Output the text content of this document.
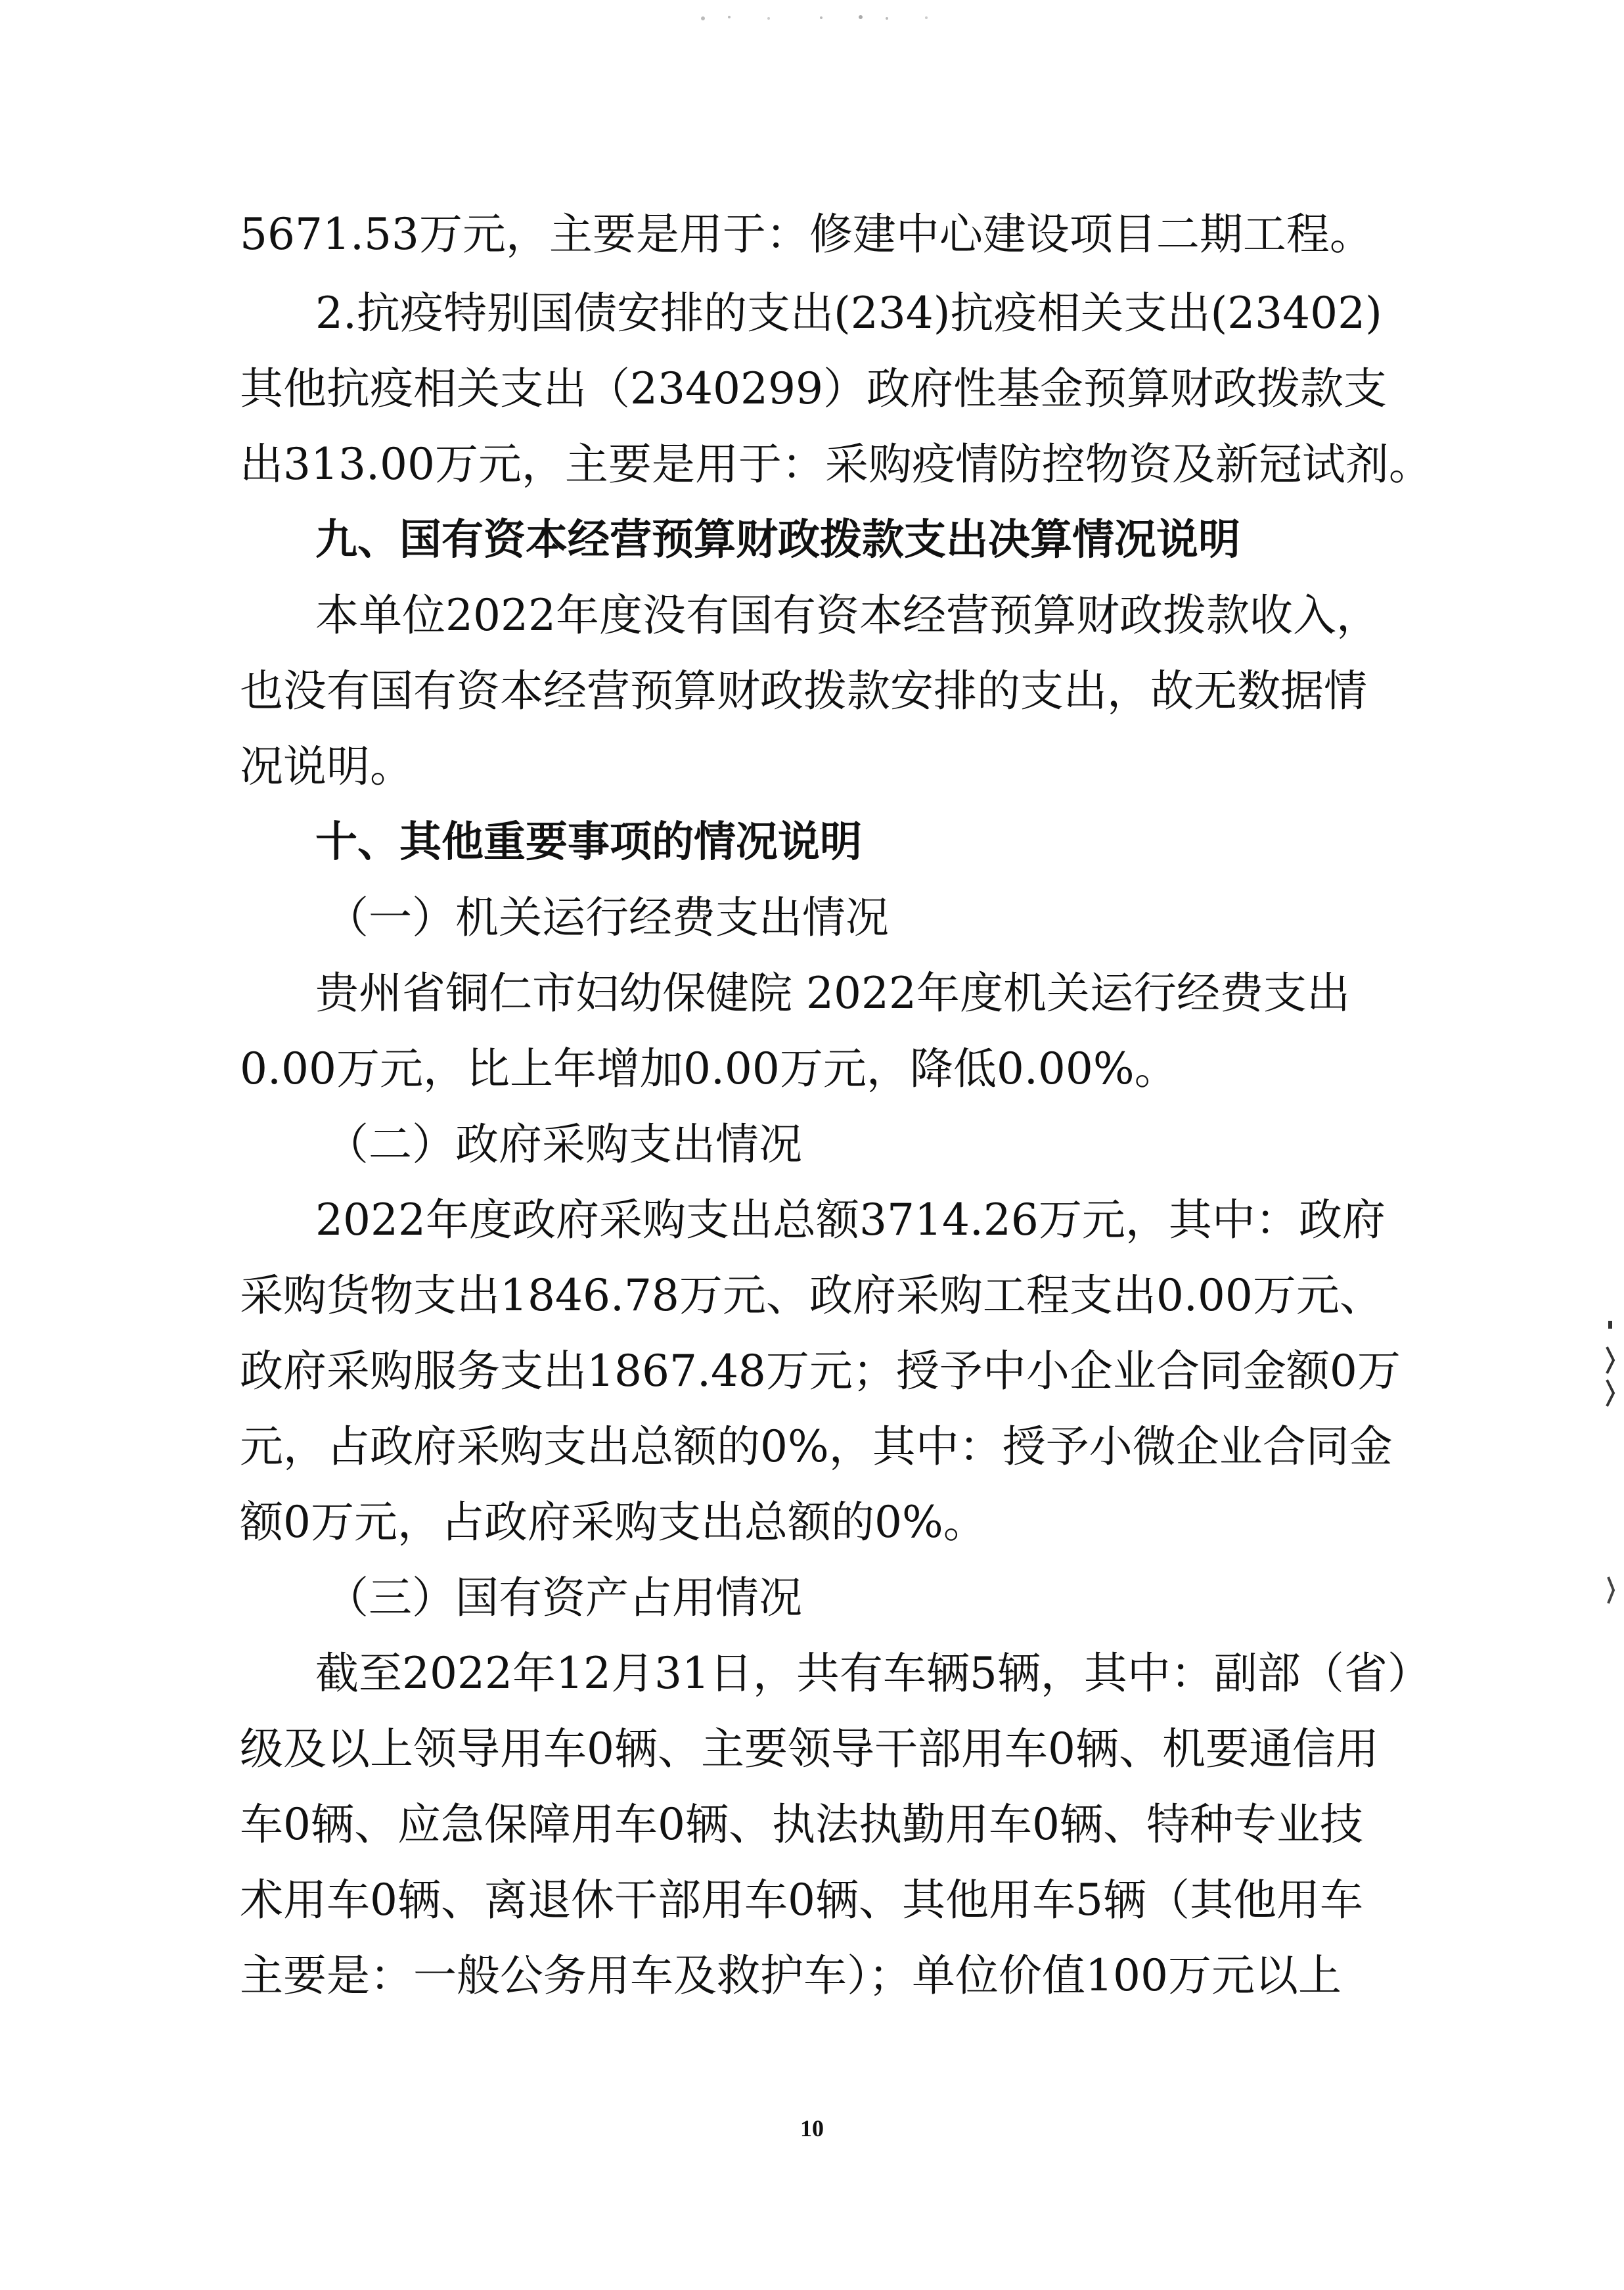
5671.53万元，主要是用于：修建中心建设项目二期工程。
2.抗疫特别国债安排的支出(234)抗疫相关支出(23402)
其他抗疫相关支出（2340299）政府性基金预算财政拨款支
出313.00万元，主要是用于：采购疫情防控物资及新冠试剂。
九、国有资本经营预算财政拨款支出决算情况说明
本单位2022年度没有国有资本经营预算财政拨款收入，
也没有国有资本经营预算财政拨款安排的支出，故无数据情
况说明。
十、其他重要事项的情况说明
（一）机关运行经费支出情况
贵州省铜仁市妇幼保健院 2022年度机关运行经费支出
0.00万元，比上年增加0.00万元，降低0.00%。
（二）政府采购支出情况
2022年度政府采购支出总额3714.26万元，其中：政府
采购货物支出1846.78万元、政府采购工程支出0.00万元、
政府采购服务支出1867.48万元；授予中小企业合同金额0万
元，占政府采购支出总额的0%，其中：授予小微企业合同金
额0万元，占政府采购支出总额的0%。
（三）国有资产占用情况
截至2022年12月31日，共有车辆5辆，其中：副部（省）
级及以上领导用车0辆、主要领导干部用车0辆、机要通信用
车0辆、应急保障用车0辆、执法执勤用车0辆、特种专业技
术用车0辆、离退休干部用车0辆、其他用车5辆（其他用车
主要是：一般公务用车及救护车）；单位价值100万元以上
10
